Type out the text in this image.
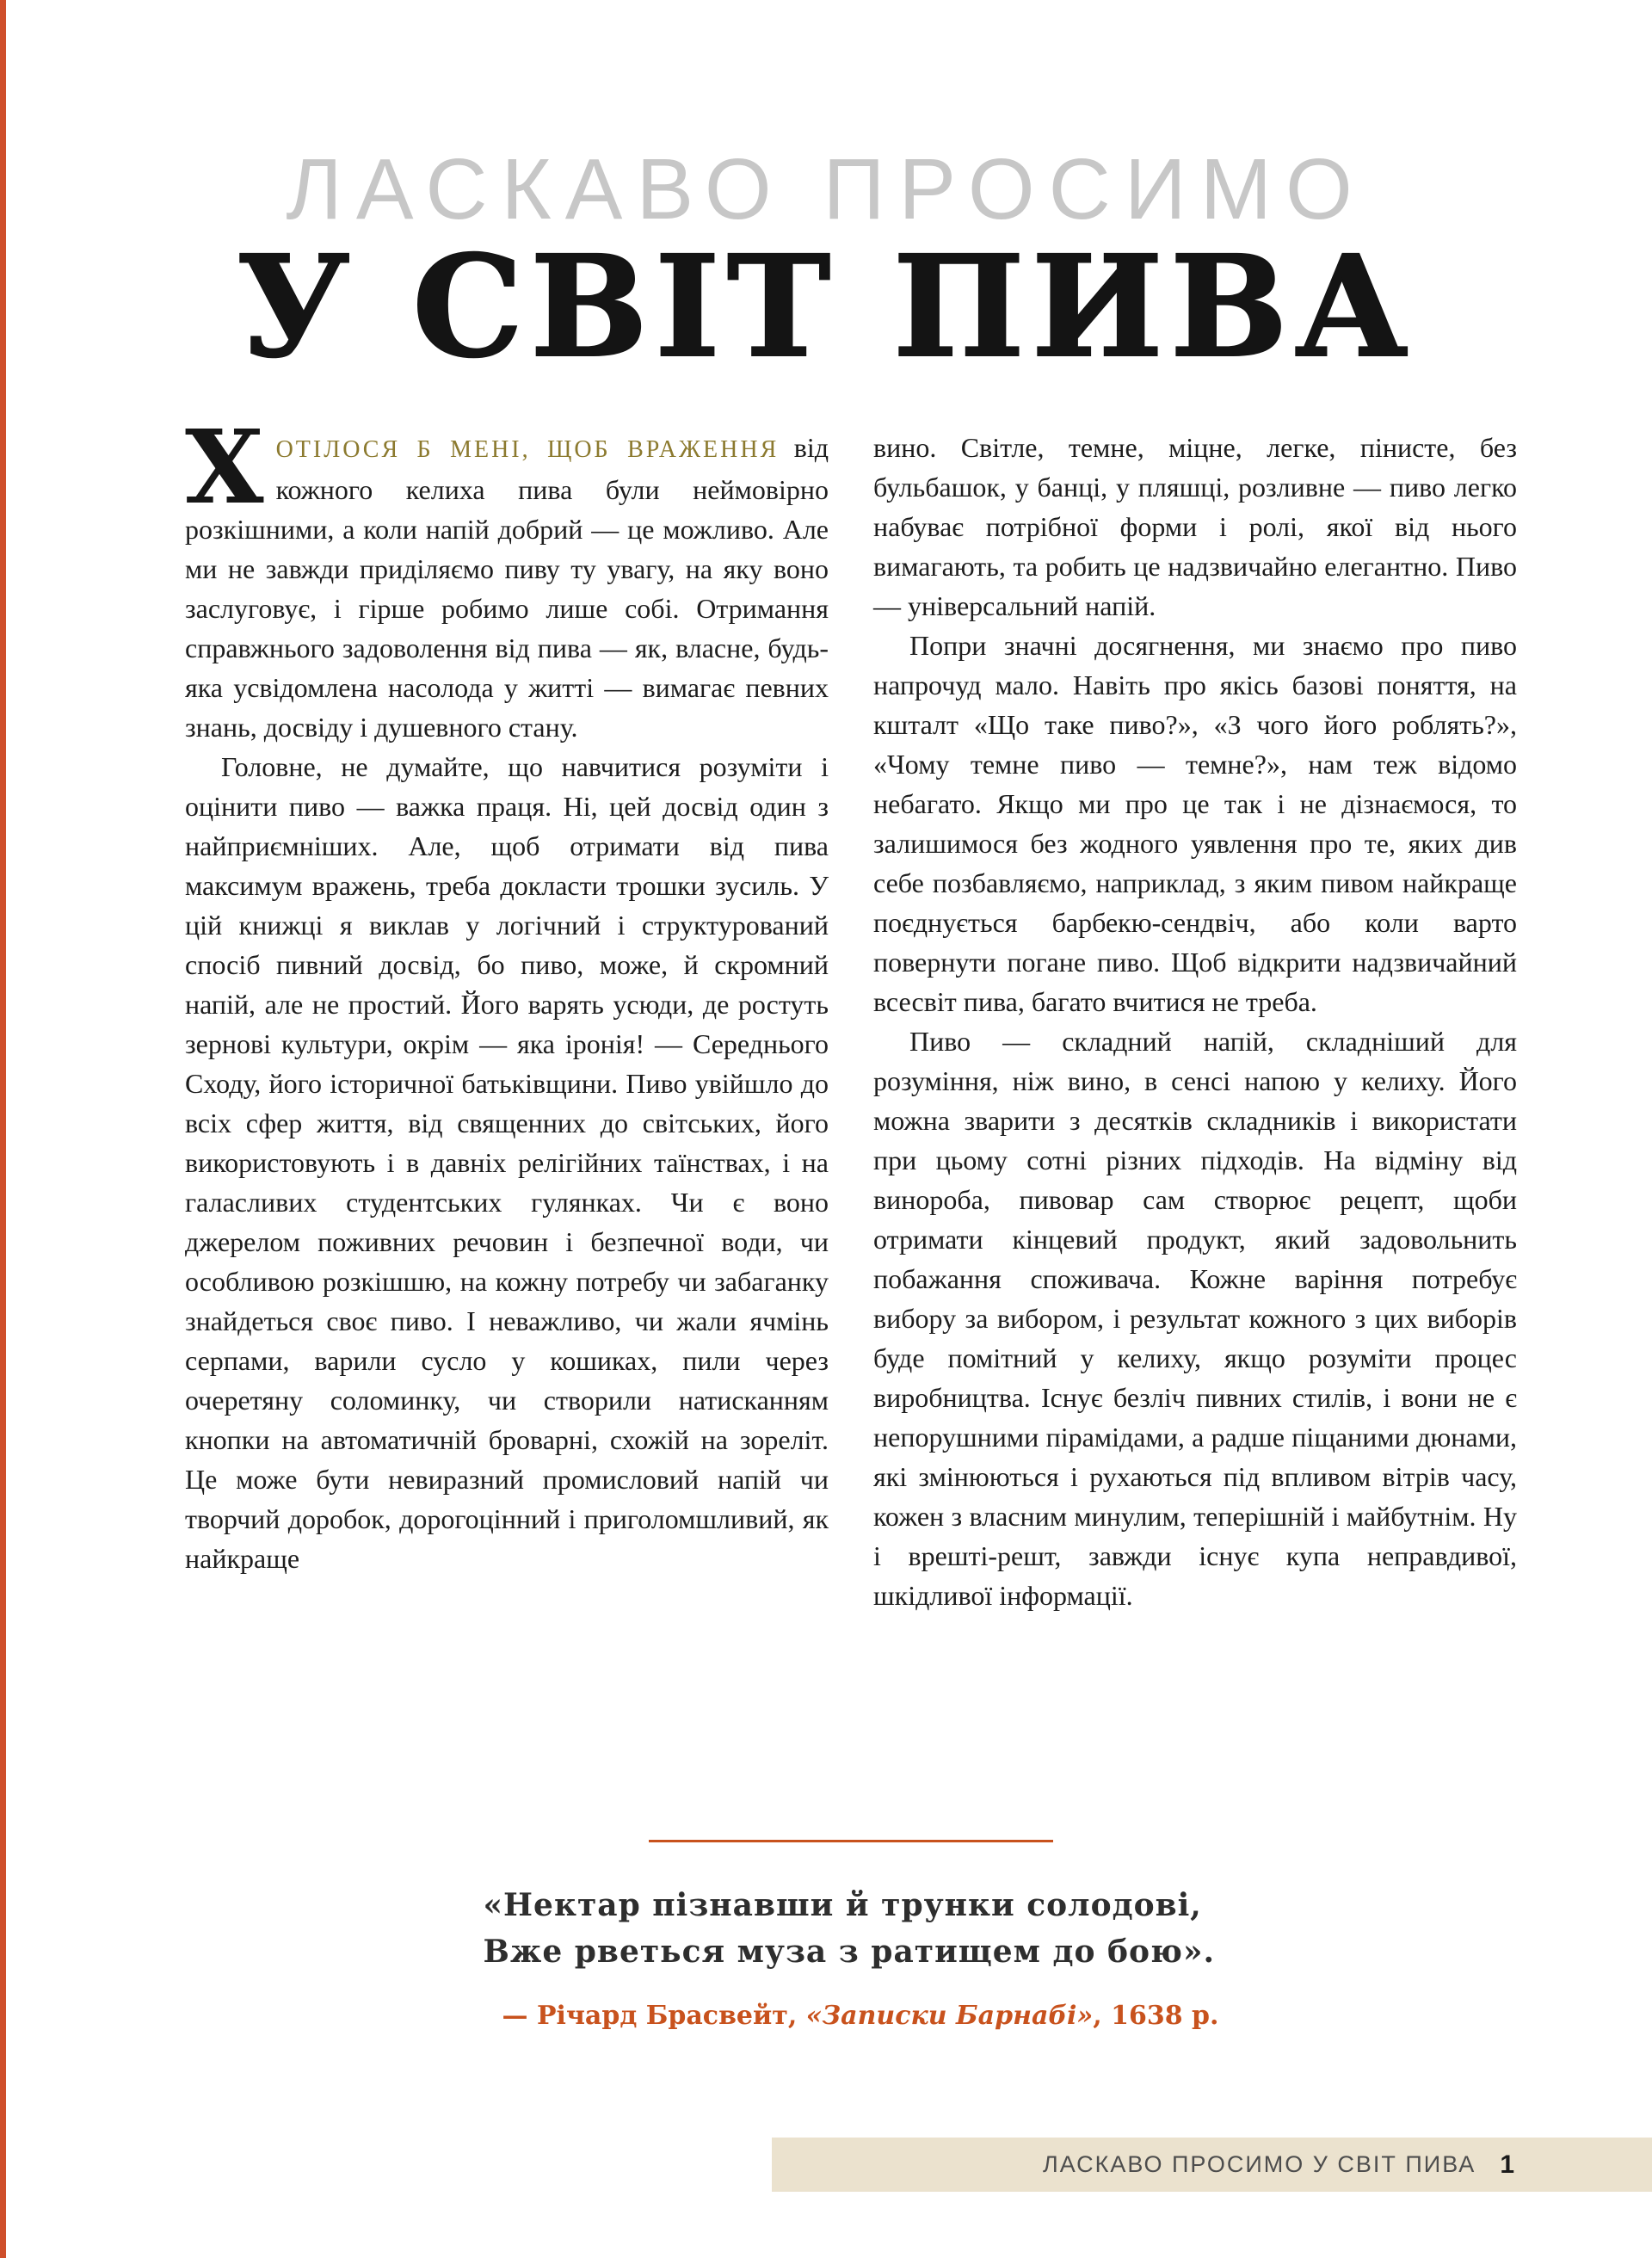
ЛАСКАВО ПРОСИМО
У СВІТ ПИВА

ХОТІЛОСЯ Б МЕНІ, ЩОБ ВРАЖЕННЯ від кожного келиха пива були неймовірно розкішними, а коли напій добрий — це можливо. Але ми не завжди приділяємо пиву ту увагу, на яку воно заслуговує, і гірше робимо лише собі. Отримання справжнього задоволення від пива — як, власне, будь-яка усвідомлена насолода у житті — вимагає певних знань, досвіду і душевного стану.

Головне, не думайте, що навчитися розуміти і оцінити пиво — важка праця. Ні, цей досвід один з найприємніших. Але, щоб отримати від пива максимум вражень, треба докласти трошки зусиль. У цій книжці я виклав у логічний і структурований спосіб пивний досвід, бо пиво, може, й скромний напій, але не простий. Його варять усюди, де ростуть зернові культури, окрім — яка іронія! — Середнього Сходу, його історичної батьківщини. Пиво увійшло до всіх сфер життя, від священних до світських, його використовують і в давніх релігійних таїнствах, і на галасливих студентських гулянках. Чи є воно джерелом поживних речовин і безпечної води, чи особливою розкішшю, на кожну потребу чи забаганку знайдеться своє пиво. І неважливо, чи жали ячмінь серпами, варили сусло у кошиках, пили через очеретяну соломинку, чи створили натисканням кнопки на автоматичній броварні, схожій на зореліт. Це може бути невиразний промисловий напій чи творчий доробок, дорогоцінний і приголомшливий, як найкраще

вино. Світле, темне, міцне, легке, пінисте, без бульбашок, у банці, у пляшці, розливне — пиво легко набуває потрібної форми і ролі, якої від нього вимагають, та робить це надзвичайно елегантно. Пиво — універсальний напій.

Попри значні досягнення, ми знаємо про пиво напрочуд мало. Навіть про якісь базові поняття, на кшталт «Що таке пиво?», «З чого його роблять?», «Чому темне пиво — темне?», нам теж відомо небагато. Якщо ми про це так і не дізнаємося, то залишимося без жодного уявлення про те, яких див себе позбавляємо, наприклад, з яким пивом найкраще поєднується барбекю-сендвіч, або коли варто повернути погане пиво. Щоб відкрити надзвичайний всесвіт пива, багато вчитися не треба.

Пиво — складний напій, складніший для розуміння, ніж вино, в сенсі напою у келиху. Його можна зварити з десятків складників і використати при цьому сотні різних підходів. На відміну від винороба, пивовар сам створює рецепт, щоби отримати кінцевий продукт, який задовольнить побажання споживача. Кожне варіння потребує вибору за вибором, і результат кожного з цих виборів буде помітний у келиху, якщо розуміти процес виробництва. Існує безліч пивних стилів, і вони не є непорушними пірамідами, а радше піщаними дюнами, які змінюються і рухаються під впливом вітрів часу, кожен з власним минулим, теперішній і майбутнім. Ну і врешті-решт, завжди існує купа неправдивої, шкідливої інформації.

«Нектар пізнавши й трунки солодові,
Вже рветься муза з ратищем до бою».
— Річард Брасвейт, «Записки Барнабі», 1638 р.
ЛАСКАВО ПРОСИМО У СВІТ ПИВА 1
